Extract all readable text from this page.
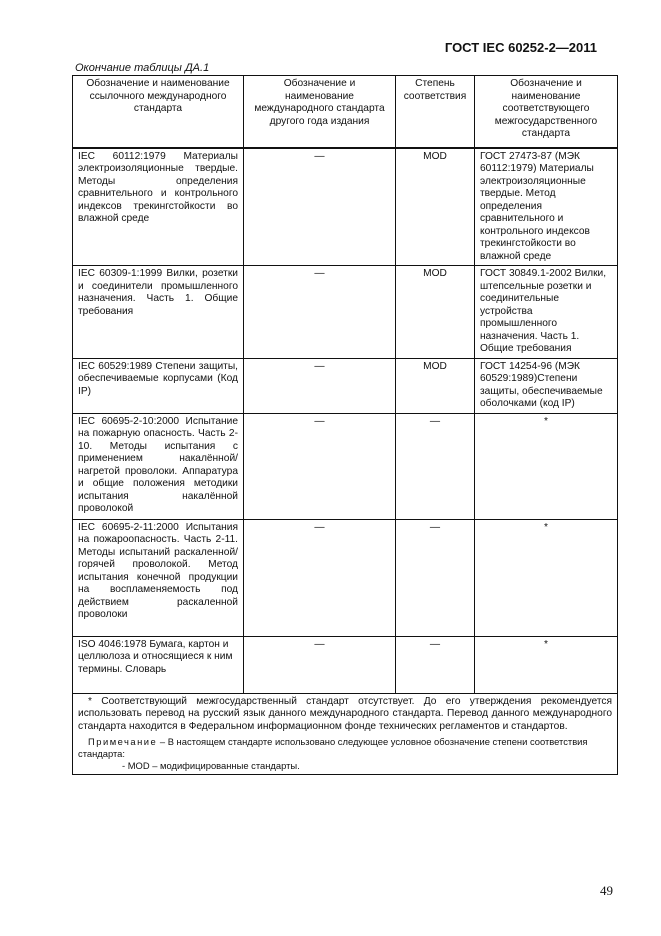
ГОСТ IEC 60252-2—2011
Окончание таблицы ДА.1
Обозначение и наименование ссылочного международного стандарта	Обозначение и наименование международного стандарта другого года издания	Степень соответствия	Обозначение и наименование соответствующего межгосударственного стандарта
IEC 60112:1979 Материалы электроизоляционные твердые. Методы определения сравнительного и контрольного индексов трекингстойкости во влажной среде	—	MOD	ГОСТ 27473-87 (МЭК 60112:1979) Материалы электроизоляционные твердые. Метод определения сравнительного и контрольного индексов трекингстойкости во влажной среде
IEC 60309-1:1999 Вилки, розетки и соединители промышленного назначения. Часть 1. Общие требования	—	MOD	ГОСТ 30849.1-2002 Вилки, штепсельные розетки и соединительные устройства промышленного назначения. Часть 1. Общие требования
IEC 60529:1989 Степени защиты, обеспечиваемые корпусами (Код IP)	—	MOD	ГОСТ 14254-96 (МЭК 60529:1989)Степени защиты, обеспечиваемые оболочками (код IP)
IEC 60695-2-10:2000 Испытание на пожарную опасность. Часть 2-10. Методы испытания с применением накалённой/нагретой проволоки. Аппаратура и общие положения методики испытания накалённой проволокой	—	—	*
IEC 60695-2-11:2000 Испытания на пожароопасность. Часть 2-11. Методы испытаний раскаленной/горячей проволокой. Метод испытания конечной продукции на воспламеняемость под действием раскаленной проволоки	—	—	*
ISO 4046:1978 Бумага, картон и целлюлоза и относящиеся к ним термины. Словарь	—	—	*

* Соответствующий межгосударственный стандарт отсутствует. До его утверждения рекомендуется использовать перевод на русский язык данного международного стандарта. Перевод данного международного стандарта находится в Федеральном информационном фонде технических регламентов и стандартов.

Примечание – В настоящем стандарте использовано следующее условное обозначение степени соответствия стандарта:

- MOD – модифицированные стандарты.			

49
